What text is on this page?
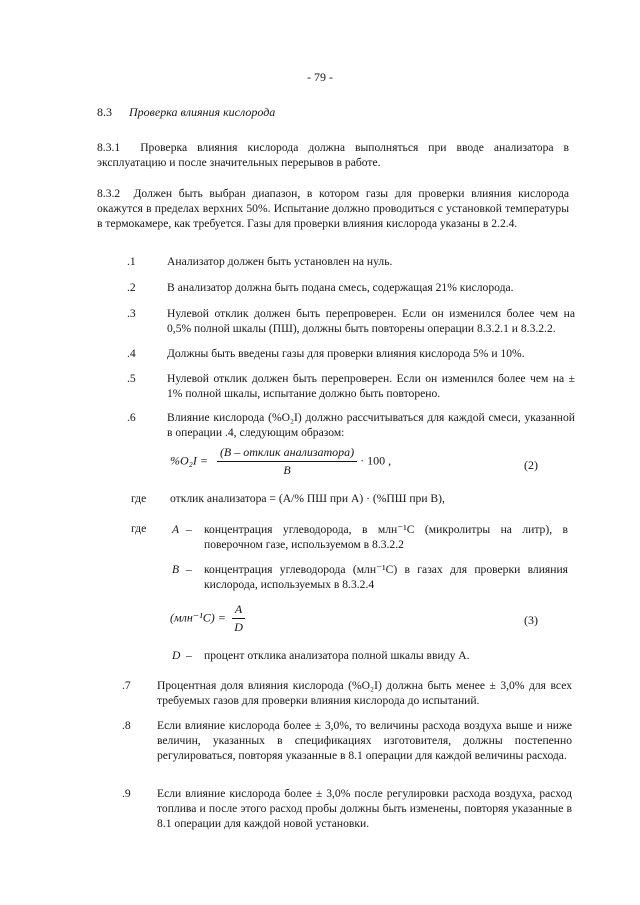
- 79 -
8.3 Проверка влияния кислорода
8.3.1 Проверка влияния кислорода должна выполняться при вводе анализатора в эксплуатацию и после значительных перерывов в работе.
8.3.2 Должен быть выбран диапазон, в котором газы для проверки влияния кислорода окажутся в пределах верхних 50%. Испытание должно проводиться с установкой температуры в термокамере, как требуется. Газы для проверки влияния кислорода указаны в 2.2.4.
.1	Анализатор должен быть установлен на нуль.
.2	В анализатор должна быть подана смесь, содержащая 21% кислорода.
.3	Нулевой отклик должен быть перепроверен. Если он изменился более чем на 0,5% полной шкалы (ПШ), должны быть повторены операции 8.3.2.1 и 8.3.2.2.
.4	Должны быть введены газы для проверки влияния кислорода 5% и 10%.
.5	Нулевой отклик должен быть перепроверен. Если он изменился более чем на ± 1% полной шкалы, испытание должно быть повторено.
.6	Влияние кислорода (%O₂I) должно рассчитываться для каждой смеси, указанной в операции .4, следующим образом:
$\%O_2I = \frac{\text{(B – отклик анализатора)}}{B} \cdot 100$ ,	(2)
где отклик анализатора = (A/% ПШ при A) · (%ПШ при B),
где A – концентрация углеводорода, в млн⁻¹С (микролитры на литр), в поверочном газе, используемом в 8.3.2.2
B – концентрация углеводорода (млн⁻¹С) в газах для проверки влияния кислорода, используемых в 8.3.2.4
$(млн^{-1}С) = \frac{A}{D}$	(3)
D – процент отклика анализатора полной шкалы ввиду A.
.7 Процентная доля влияния кислорода (%O₂I) должна быть менее ± 3,0% для всех требуемых газов для проверки влияния кислорода до испытаний.
.8 Если влияние кислорода более ± 3,0%, то величины расхода воздуха выше и ниже величин, указанных в спецификациях изготовителя, должны постепенно регулироваться, повторяя указанные в 8.1 операции для каждой величины расхода.
.9 Если влияние кислорода более ± 3,0% после регулировки расхода воздуха, расход топлива и после этого расход пробы должны быть изменены, повторяя указанные в 8.1 операции для каждой новой установки.
